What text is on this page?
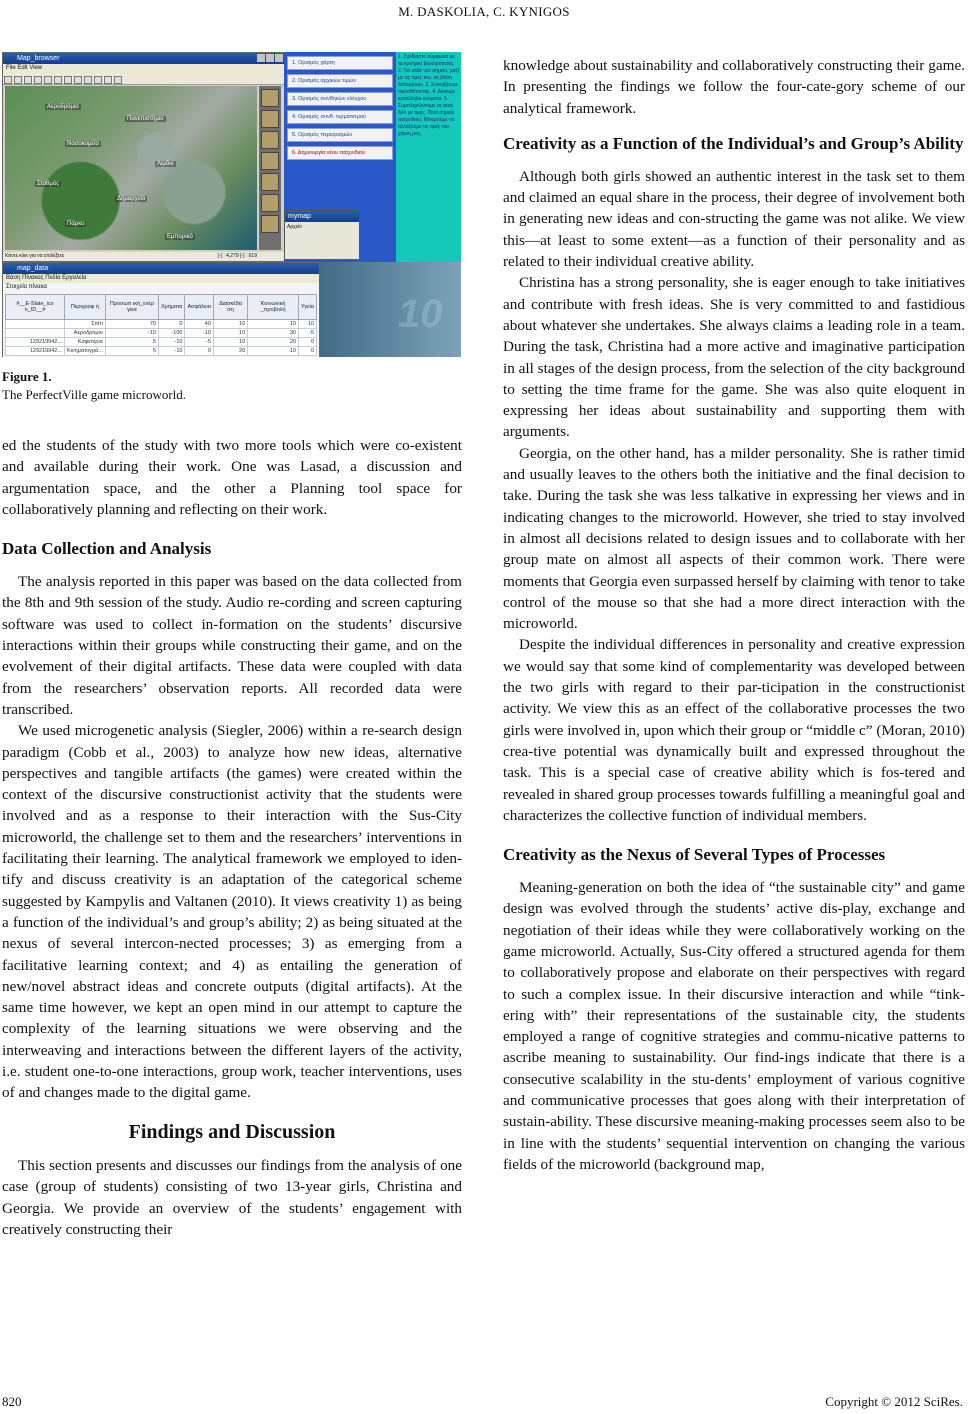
M. DASKOLIA, C. KYNIGOS
Map_browser
File Edit View
Αεροδρόμιο
Πανεπιστήμιο
Νοσοκομείο
Λιμάνι
Σταθμός
Δημαρχείο
Πάρκο
Εμπορικό
Κάντε κλικ για να επιλέξετε	[-] : 4,279 [-] : 619
1. Ορισμός χάρτη
2. Ορισμός αρχικών τιμών
3. Ορισμός συνθηκών ελέγχου
4. Ορισμός συνθ. τερματισμού
5. Ορισμός περιορισμών
6. Δημιουργία νέου παιχνιδιού
1. Σχεδιάστε σύμφωνα με τα κριτήρια βιωσιμότητας. 2. Για κάθε νέο σημείο, μαζί με τις τιμές του, σε βάση δεδομένων. 3. Συνεχίζουμε προσθέτοντας. 4. Δίνουμε κατάλληλα ονόματα. 5. Συμπληρώνουμε τα κενά δύο με τιμές. Ποια σημεία παιχνιδιού; Μπορούμε να αλλάξουμε τις τιμές του χάρτη μας.
mymap
Αρχείο
10
map_data
Βάση Πίνακας Πεδία Εργαλεία
Στοιχεία πίνακα
#__E-Slate_ico n_ID__#	Περιγραφ ή	Προσωπ ική_ενέρ γεια	Χρήματα	Ασφάλεια	Διασκέδα ση	Κοινωνική _προβολή	Υγεία
	Σπίτι	70	0	40	10	10	10
	Αεροδρόμιο	-10	-100	-10	10	30	-5
129219942...	Καφετέρια	5	-10	-5	10	20	0
129219942...	Κινηματογρά...	5	-10	0	20	10	0
Figure 1.
The PerfectVille game microworld.

ed the students of the study with two more tools which were co-existent and available during their work. One was Lasad, a discussion and argumentation space, and the other a Planning tool space for collaboratively planning and reflecting on their work.

Data Collection and Analysis

The analysis reported in this paper was based on the data collected from the 8th and 9th session of the study. Audio re-cording and screen capturing software was used to collect in-formation on the students’ discursive interactions within their groups while constructing their game, and on the evolvement of their digital artifacts. These data were coupled with data from the researchers’ observation reports. All recorded data were transcribed.

We used microgenetic analysis (Siegler, 2006) within a re-search design paradigm (Cobb et al., 2003) to analyze how new ideas, alternative perspectives and tangible artifacts (the games) were created within the context of the discursive constructionist activity that the students were involved and as a response to their interaction with the Sus-City microworld, the challenge set to them and the researchers’ interventions in facilitating their learning. The analytical framework we employed to iden-tify and discuss creativity is an adaptation of the categorical scheme suggested by Kampylis and Valtanen (2010). It views creativity 1) as being a function of the individual’s and group’s ability; 2) as being situated at the nexus of several intercon-nected processes; 3) as emerging from a facilitative learning context; and 4) as entailing the generation of new/novel abstract ideas and concrete outputs (digital artifacts). At the same time however, we kept an open mind in our attempt to capture the complexity of the learning situations we were observing and the interweaving and interactions between the different layers of the activity, i.e. student one-to-one interactions, group work, teacher interventions, uses of and changes made to the digital game.

Findings and Discussion

This section presents and discusses our findings from the analysis of one case (group of students) consisting of two 13-year girls, Christina and Georgia. We provide an overview of the students’ engagement with creatively constructing their

knowledge about sustainability and collaboratively constructing their game. In presenting the findings we follow the four-cate-gory scheme of our analytical framework.

Creativity as a Function of the Individual’s and Group’s Ability

Although both girls showed an authentic interest in the task set to them and claimed an equal share in the process, their degree of involvement both in generating new ideas and con-structing the game was not alike. We view this—at least to some extent—as a function of their personality and as related to their individual creative ability.

Christina has a strong personality, she is eager enough to take initiatives and contribute with fresh ideas. She is very committed to and fastidious about whatever she undertakes. She always claims a leading role in a team. During the task, Christina had a more active and imaginative participation in all stages of the design process, from the selection of the city background to setting the time frame for the game. She was also quite eloquent in expressing her ideas about sustainability and supporting them with arguments.

Georgia, on the other hand, has a milder personality. She is rather timid and usually leaves to the others both the initiative and the final decision to take. During the task she was less talkative in expressing her views and in indicating changes to the microworld. However, she tried to stay involved in almost all decisions related to design issues and to collaborate with her group mate on almost all aspects of their common work. There were moments that Georgia even surpassed herself by claiming with tenor to take control of the mouse so that she had a more direct interaction with the microworld.

Despite the individual differences in personality and creative expression we would say that some kind of complementarity was developed between the two girls with regard to their par-ticipation in the constructionist activity. We view this as an effect of the collaborative processes the two girls were involved in, upon which their group or “middle c” (Moran, 2010) crea-tive potential was dynamically built and expressed throughout the task. This is a special case of creative ability which is fos-tered and revealed in shared group processes towards fulfilling a meaningful goal and characterizes the collective function of individual members.

Creativity as the Nexus of Several Types of Processes

Meaning-generation on both the idea of “the sustainable city” and game design was evolved through the students’ active dis-play, exchange and negotiation of their ideas while they were collaboratively working on the game microworld. Actually, Sus-City offered a structured agenda for them to collaboratively propose and elaborate on their perspectives with regard to such a complex issue. In their discursive interaction and while “tink-ering with” their representations of the sustainable city, the students employed a range of cognitive strategies and commu-nicative patterns to ascribe meaning to sustainability. Our find-ings indicate that there is a consecutive scalability in the stu-dents’ employment of various cognitive and communicative processes that goes along with their interpretation of sustain-ability. These discursive meaning-making processes seem also to be in line with the students’ sequential intervention on changing the various fields of the microworld (background map,

820	Copyright © 2012 SciRes.
